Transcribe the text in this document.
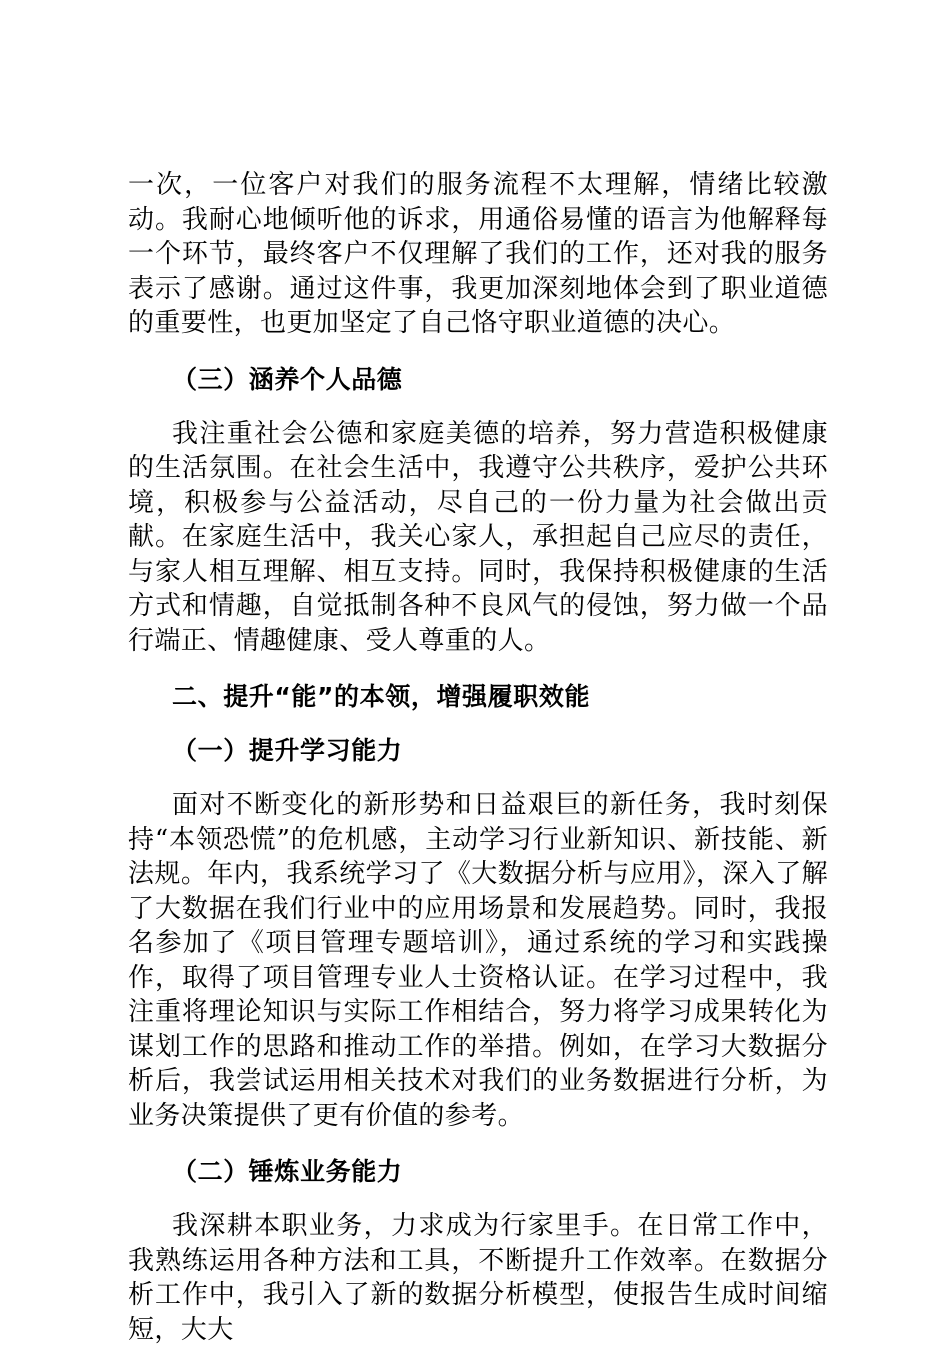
一次，一位客户对我们的服务流程不太理解，情绪比较激动。我耐心地倾听他的诉求，用通俗易懂的语言为他解释每一个环节，最终客户不仅理解了我们的工作，还对我的服务表示了感谢。通过这件事，我更加深刻地体会到了职业道德的重要性，也更加坚定了自己恪守职业道德的决心。

（三）涵养个人品德

我注重社会公德和家庭美德的培养，努力营造积极健康的生活氛围。在社会生活中，我遵守公共秩序，爱护公共环境，积极参与公益活动，尽自己的一份力量为社会做出贡献。在家庭生活中，我关心家人，承担起自己应尽的责任，与家人相互理解、相互支持。同时，我保持积极健康的生活方式和情趣，自觉抵制各种不良风气的侵蚀，努力做一个品行端正、情趣健康、受人尊重的人。

二、提升“能”的本领，增强履职效能
（一）提升学习能力

面对不断变化的新形势和日益艰巨的新任务，我时刻保持“本领恐慌”的危机感，主动学习行业新知识、新技能、新法规。年内，我系统学习了《大数据分析与应用》，深入了解了大数据在我们行业中的应用场景和发展趋势。同时，我报名参加了《项目管理专题培训》，通过系统的学习和实践操作，取得了项目管理专业人士资格认证。在学习过程中，我注重将理论知识与实际工作相结合，努力将学习成果转化为谋划工作的思路和推动工作的举措。例如，在学习大数据分析后，我尝试运用相关技术对我们的业务数据进行分析，为业务决策提供了更有价值的参考。

（二）锤炼业务能力

我深耕本职业务，力求成为行家里手。在日常工作中，我熟练运用各种方法和工具，不断提升工作效率。在数据分析工作中，我引入了新的数据分析模型，使报告生成时间缩短，大大
